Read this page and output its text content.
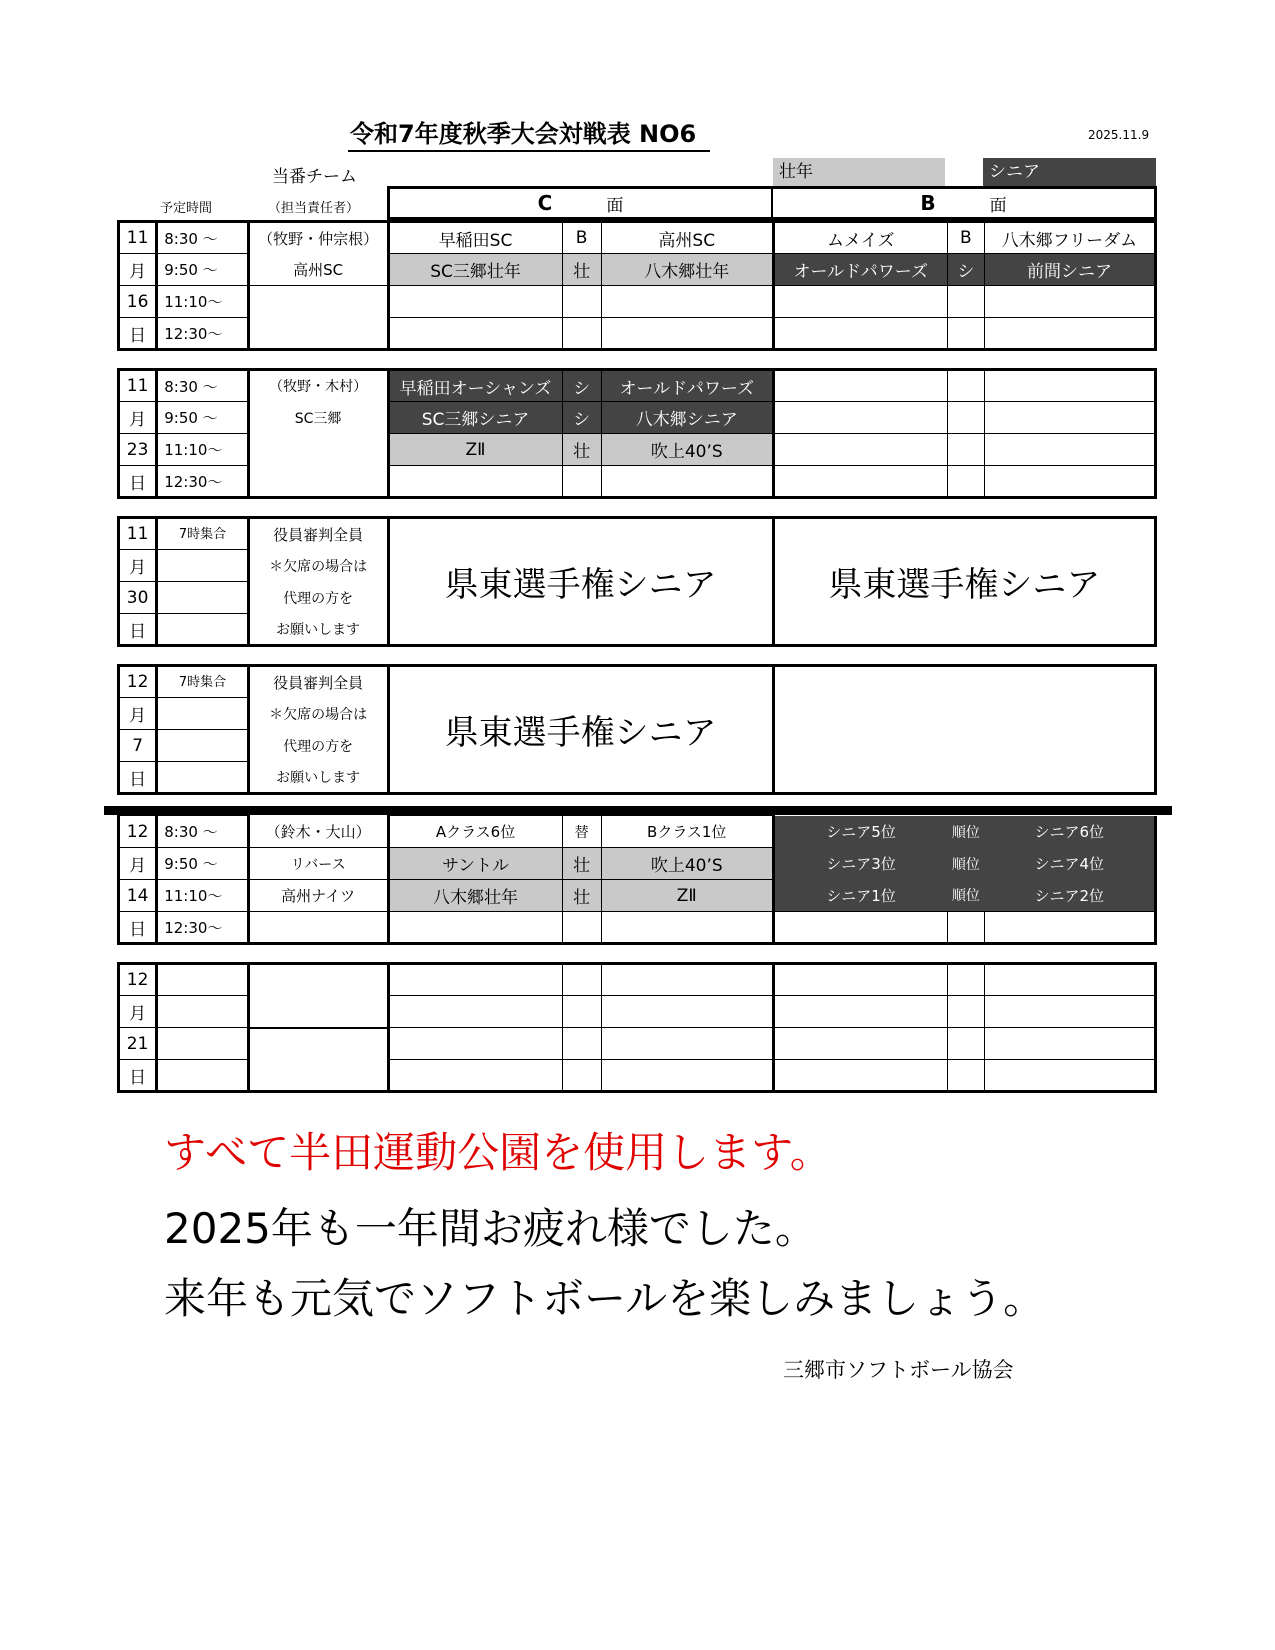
令和7年度秋季大会対戦表 NO6	2025.11.9
当番チーム	壮年	シニア
予定時間	（担当責任者）	C	面	B	面
11	8:30 ～	（牧野・仲宗根）	早稲田SC	B	高州SC	ムメイズ	B	八木郷フリーダム
月	9:50 ～	高州SC	SC三郷壮年	壮	八木郷壮年	オールドパワーズ	シ	前間シニア
16	11:10～							
日	12:30～							
11	8:30 ～	（牧野・木村）	早稲田オーシャンズ	シ	オールドパワーズ			
月	9:50 ～	SC三郷	SC三郷シニア	シ	八木郷シニア			
23	11:10～		ZⅡ	壮	吹上40’S			
日	12:30～							
11	7時集合	役員審判全員	県東選手権シニア	県東選手権シニア
月		＊欠席の場合は		
30		代理の方を		
日		お願いします		
12	7時集合	役員審判全員	県東選手権シニア	
月		＊欠席の場合は		
7		代理の方を		
日		お願いします		
12	8:30 ～	（鈴木・大山）	Aクラス6位	替	Bクラス1位	シニア5位	順位	シニア6位
月	9:50 ～	リバース	サントル	壮	吹上40’S	シニア3位	順位	シニア4位
14	11:10～	高州ナイツ	八木郷壮年	壮	ZⅡ	シニア1位	順位	シニア2位
日	12:30～							
12								
月								
21								
日								
すべて半田運動公園を使用します。
2025年も一年間お疲れ様でした。
来年も元気でソフトボールを楽しみましょう。
三郷市ソフトボール協会
